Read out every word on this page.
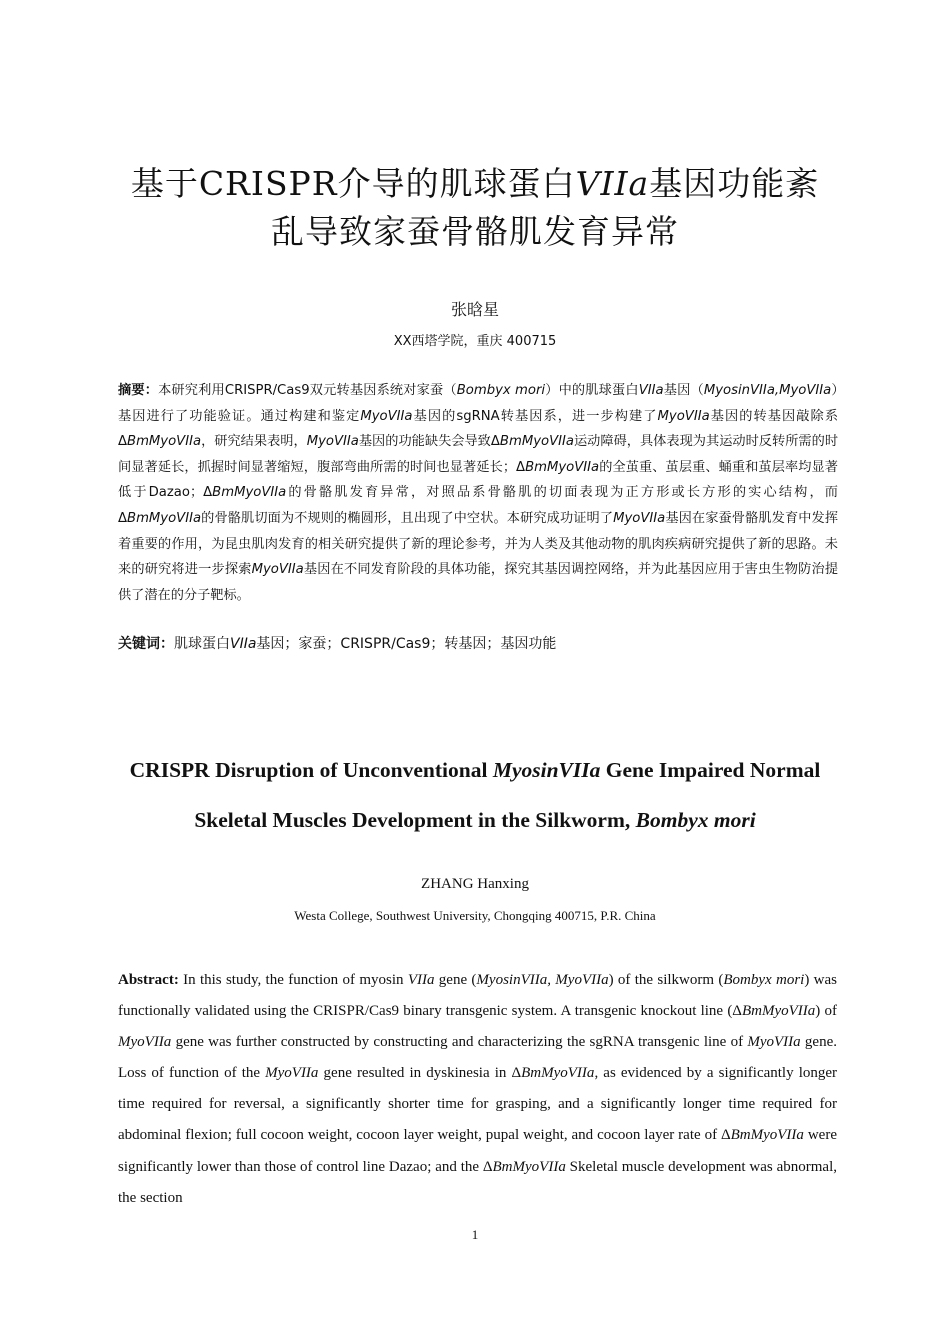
基于CRISPR介导的肌球蛋白VIIa基因功能紊
乱导致家蚕骨骼肌发育异常
张晗星
XX西塔学院，重庆 400715
摘要：本研究利用CRISPR/Cas9双元转基因系统对家蚕（Bombyx mori）中的肌球蛋白VIIa基因（MyosinVIIa,MyoVIIa）基因进行了功能验证。通过构建和鉴定MyoVIIa基因的sgRNA转基因系，进一步构建了MyoVIIa基因的转基因敲除系ΔBmMyoVIIa，研究结果表明，MyoVIIa基因的功能缺失会导致ΔBmMyoVIIa运动障碍，具体表现为其运动时反转所需的时间显著延长，抓握时间显著缩短，腹部弯曲所需的时间也显著延长；ΔBmMyoVIIa的全茧重、茧层重、蛹重和茧层率均显著低于Dazao；ΔBmMyoVIIa的骨骼肌发育异常，对照品系骨骼肌的切面表现为正方形或长方形的实心结构，而ΔBmMyoVIIa的骨骼肌切面为不规则的椭圆形，且出现了中空状。本研究成功证明了MyoVIIa基因在家蚕骨骼肌发育中发挥着重要的作用，为昆虫肌肉发育的相关研究提供了新的理论参考，并为人类及其他动物的肌肉疾病研究提供了新的思路。未来的研究将进一步探索MyoVIIa基因在不同发育阶段的具体功能，探究其基因调控网络，并为此基因应用于害虫生物防治提供了潜在的分子靶标。
关键词：肌球蛋白VIIa基因；家蚕；CRISPR/Cas9；转基因；基因功能
CRISPR Disruption of Unconventional MyosinVIIa Gene Impaired Normal Skeletal Muscles Development in the Silkworm, Bombyx mori
ZHANG Hanxing
Westa College, Southwest University, Chongqing 400715, P.R. China
Abstract: In this study, the function of myosin VIIa gene (MyosinVIIa, MyoVIIa) of the silkworm (Bombyx mori) was functionally validated using the CRISPR/Cas9 binary transgenic system. A transgenic knockout line (ΔBmMyoVIIa) of MyoVIIa gene was further constructed by constructing and characterizing the sgRNA transgenic line of MyoVIIa gene. Loss of function of the MyoVIIa gene resulted in dyskinesia in ΔBmMyoVIIa, as evidenced by a significantly longer time required for reversal, a significantly shorter time for grasping, and a significantly longer time required for abdominal flexion; full cocoon weight, cocoon layer weight, pupal weight, and cocoon layer rate of ΔBmMyoVIIa were significantly lower than those of control line Dazao; and the ΔBmMyoVIIa Skeletal muscle development was abnormal, the section
1
